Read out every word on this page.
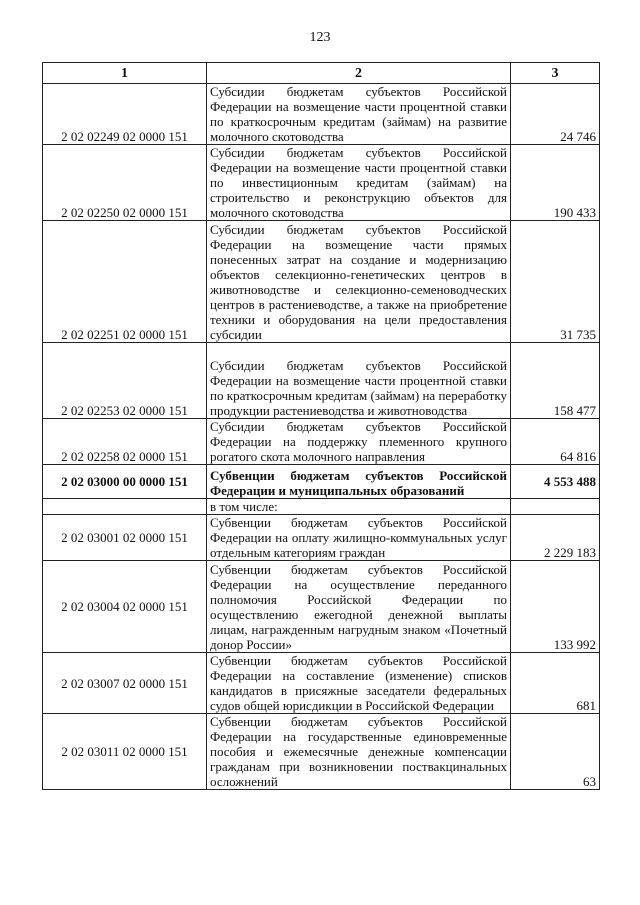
123
1	2	3
2 02 02249 02 0000 151	Субсидии бюджетам субъектов Российской Федерации на возмещение части процентной ставки по краткосрочным кредитам (займам) на развитие молочного скотоводства	24 746
2 02 02250 02 0000 151	Субсидии бюджетам субъектов Российской Федерации на возмещение части процентной ставки по инвестиционным кредитам (займам) на строительство и реконструкцию объектов для молочного скотоводства	190 433
2 02 02251 02 0000 151	Субсидии бюджетам субъектов Российской Федерации на возмещение части прямых понесенных затрат на создание и модернизацию объектов селекционно-генетических центров в животноводстве и селекционно-семеноводческих центров в растениеводстве, а также на приобретение техники и оборудования на цели предоставления субсидии	31 735
2 02 02253 02 0000 151	Субсидии бюджетам субъектов Российской Федерации на возмещение части процентной ставки по краткосрочным кредитам (займам) на переработку продукции растениеводства и животноводства	158 477
2 02 02258 02 0000 151	Субсидии бюджетам субъектов Российской Федерации на поддержку племенного крупного рогатого скота молочного направления	64 816
2 02 03000 00 0000 151	Субвенции бюджетам субъектов Российской Федерации и муниципальных образований	4 553 488
	в том числе:	
2 02 03001 02 0000 151	Субвенции бюджетам субъектов Российской Федерации на оплату жилищно-коммунальных услуг отдельным категориям граждан	2 229 183
2 02 03004 02 0000 151	Субвенции бюджетам субъектов Российской Федерации на осуществление переданного полномочия Российской Федерации по осуществлению ежегодной денежной выплаты лицам, награжденным нагрудным знаком «Почетный донор России»	133 992
2 02 03007 02 0000 151	Субвенции бюджетам субъектов Российской Федерации на составление (изменение) списков кандидатов в присяжные заседатели федеральных судов общей юрисдикции в Российской Федерации	681
2 02 03011 02 0000 151	Субвенции бюджетам субъектов Российской Федерации на государственные единовременные пособия и ежемесячные денежные компенсации гражданам при возникновении поствакцинальных осложнений	63
